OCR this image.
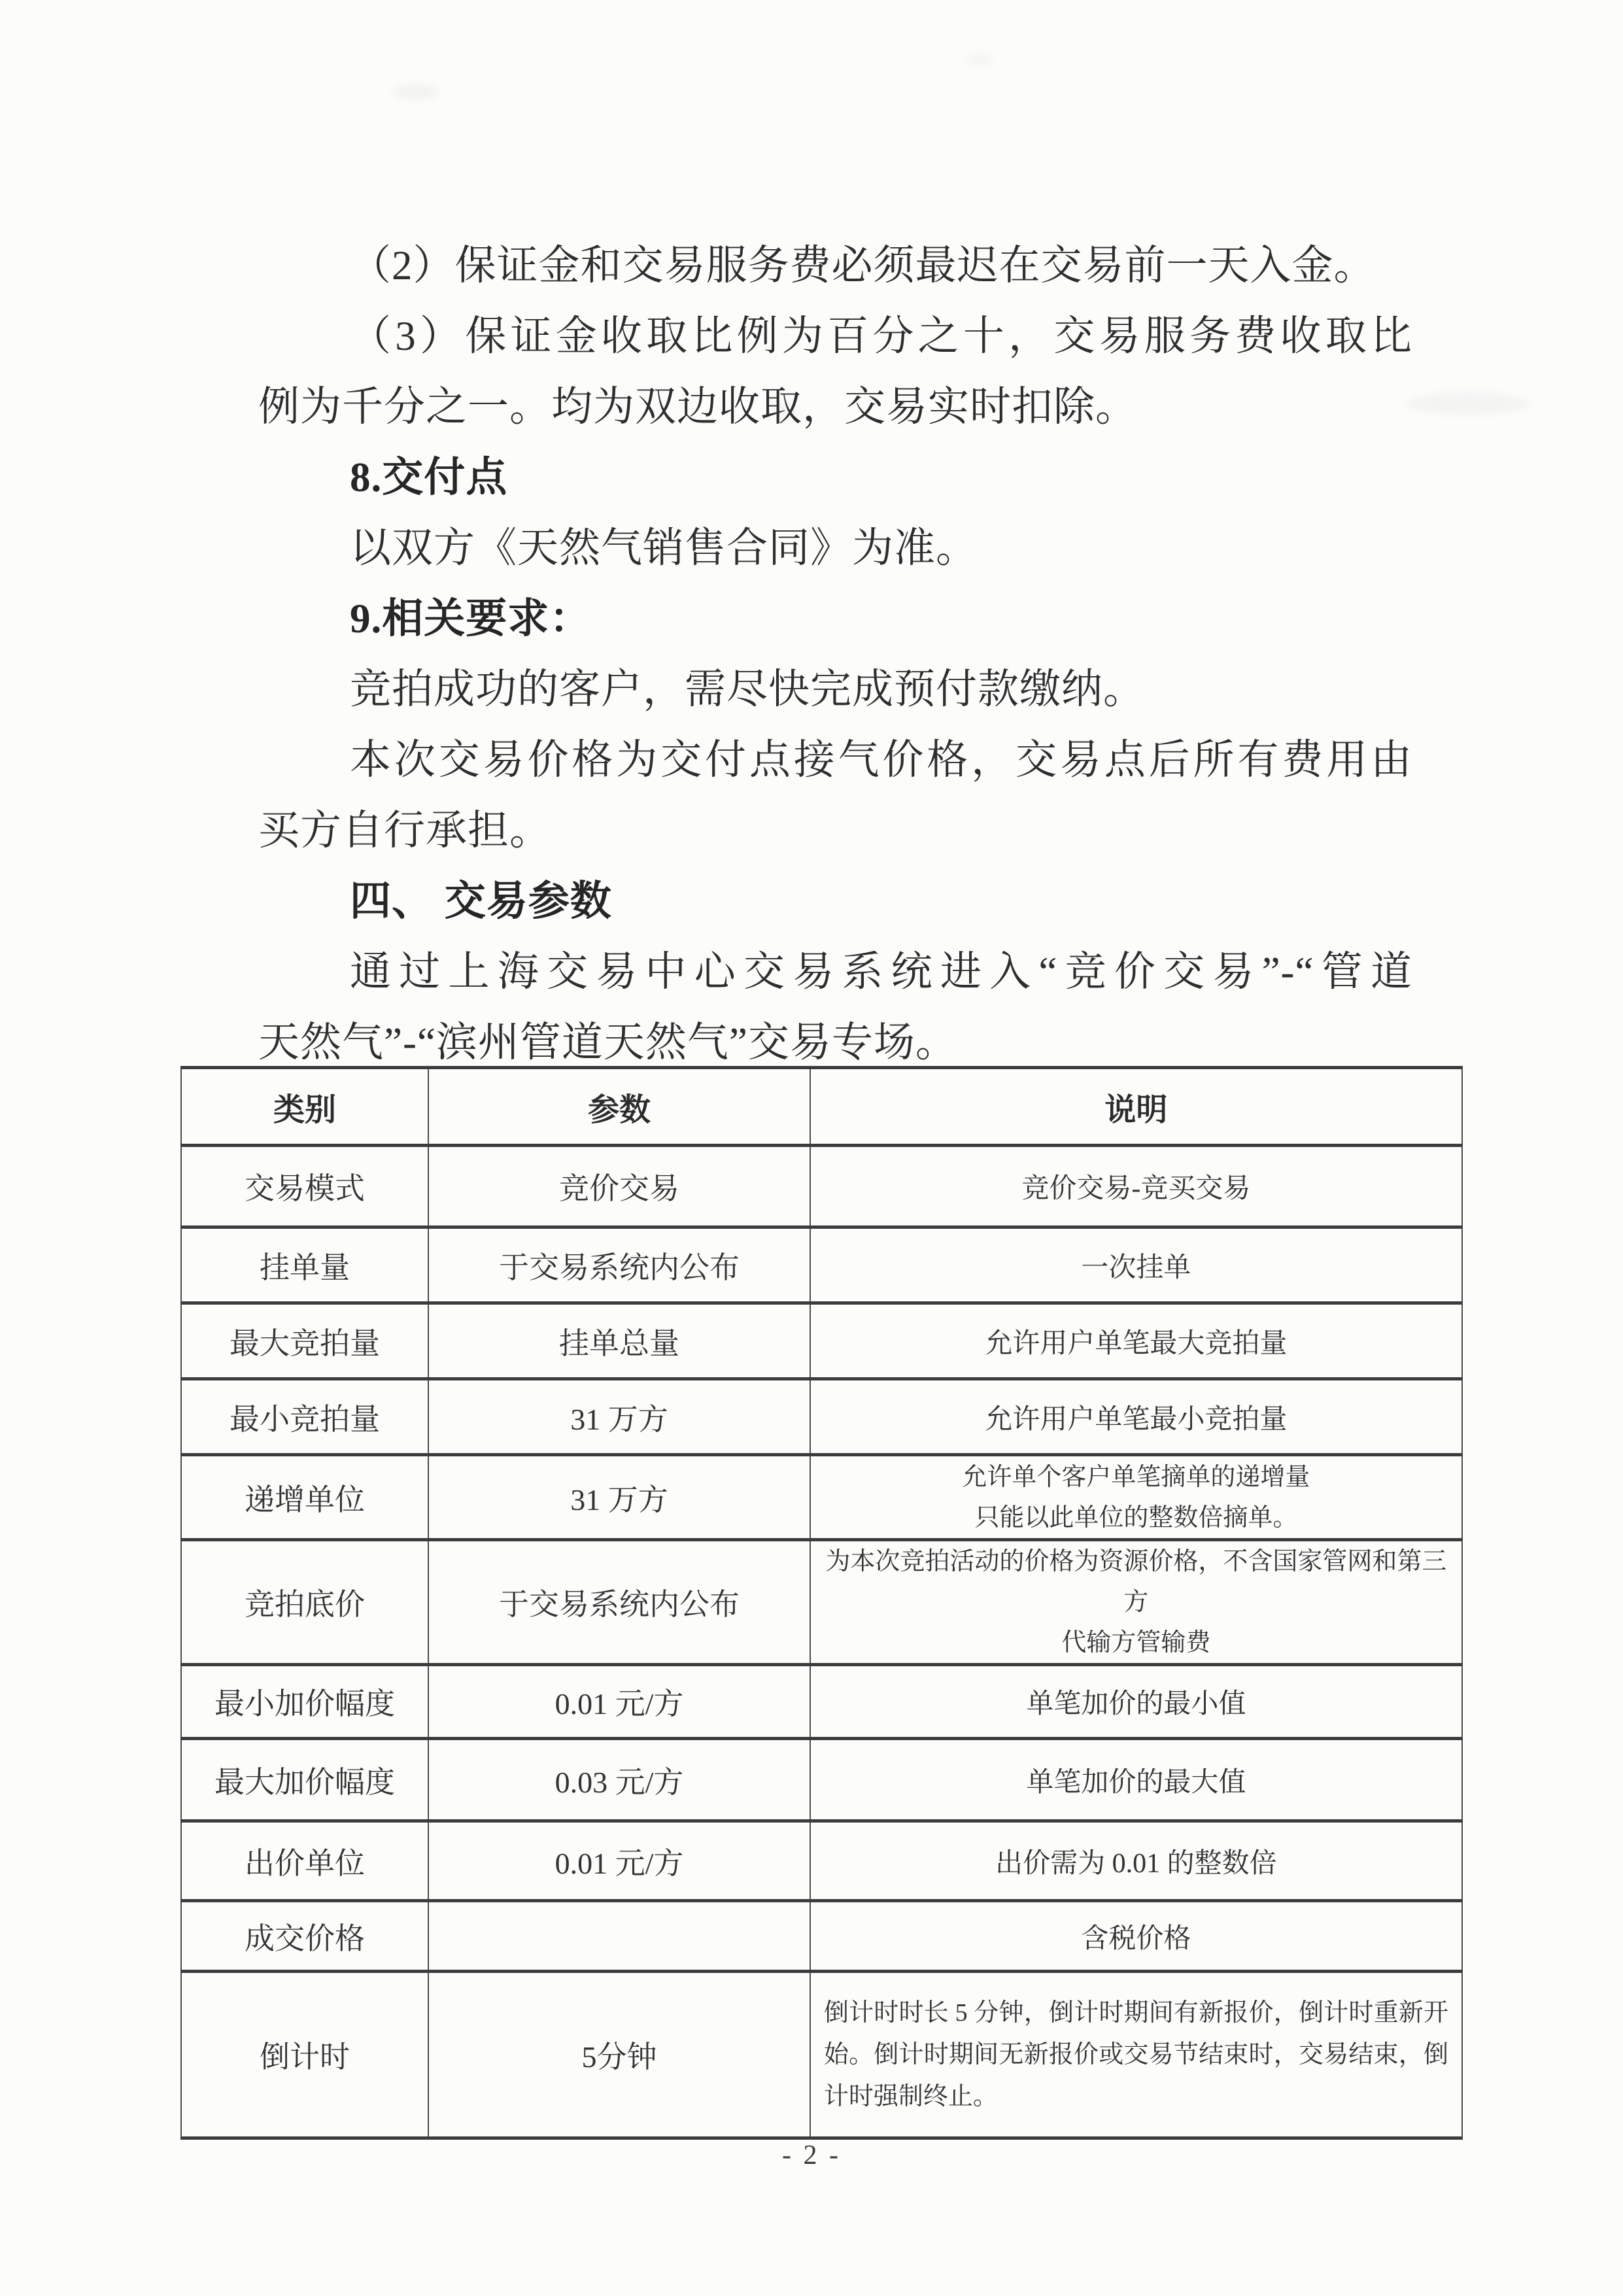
（2）保证金和交易服务费必须最迟在交易前一天入金。
（3）保证金收取比例为百分之十，交易服务费收取比
例为千分之一。均为双边收取，交易实时扣除。
8.交付点
以双方《天然气销售合同》为准。
9.相关要求：
竞拍成功的客户，需尽快完成预付款缴纳。
本次交易价格为交付点接气价格，交易点后所有费用由
买方自行承担。
四、 交易参数
通过上海交易中心交易系统进入“竞价交易”-“管道
天然气”-“滨州管道天然气”交易专场。
类别	参数	说明
交易模式	竞价交易	竞价交易-竞买交易
挂单量	于交易系统内公布	一次挂单
最大竞拍量	挂单总量	允许用户单笔最大竞拍量
最小竞拍量	31 万方	允许用户单笔最小竞拍量
递增单位	31 万方	允许单个客户单笔摘单的递增量
只能以此单位的整数倍摘单。
竞拍底价	于交易系统内公布	为本次竞拍活动的价格为资源价格，不含国家管网和第三方
代输方管输费
最小加价幅度	0.01 元/方	单笔加价的最小值
最大加价幅度	0.03 元/方	单笔加价的最大值
出价单位	0.01 元/方	出价需为 0.01 的整数倍
成交价格		含税价格
倒计时	5分钟	倒计时时长 5 分钟，倒计时期间有新报价，倒计时重新开始。倒计时期间无新报价或交易节结束时，交易结束，倒计时强制终止。
- 2 -
